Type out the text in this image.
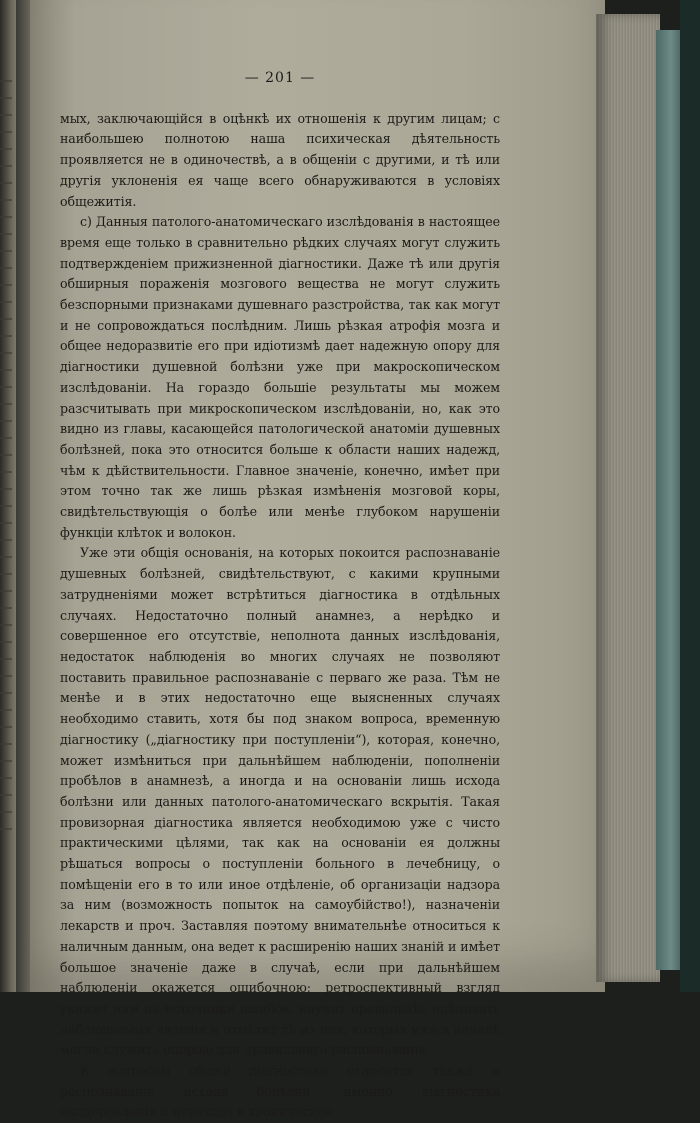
— 201 —

мых, заключающійся в оцѣнкѣ их отношенія к другим лицам; с наибольшею полнотою наша психическая дѣятельность проявляется не в одиночествѣ, а в общеніи с другими, и тѣ или другія уклоненія ея чаще всего обнаруживаются в условіях общежитія.

с) Данныя патолого-анатомическаго изслѣдованія в настоящее время еще только в сравнительно рѣдких случаях могут служить подтвержденіем прижизненной діагностики. Даже тѣ или другія обширныя пораженія мозгового вещества не могут служить безспорными признаками душевнаго разстройства, так как могут и не сопровождаться послѣдним. Лишь рѣзкая атрофія мозга и общее недоразвитіе его при идіотизмѣ дает надежную опору для діагностики душевной болѣзни уже при макроскопическом изслѣдованіи. На гораздо большіе результаты мы можем разсчитывать при микроскопическом изслѣдованіи, но, как это видно из главы, касающейся патологической анатоміи душевных болѣзней, пока это относится больше к области наших надежд, чѣм к дѣйствительности. Главное значеніе, конечно, имѣет при этом точно так же лишь рѣзкая измѣненія мозговой коры, свидѣтельствующія о болѣе или менѣе глубоком нарушеніи функціи клѣток и волокон.

Уже эти общія основанія, на которых покоится распознаваніе душевных болѣзней, свидѣтельствуют, с какими крупными затрудненіями может встрѣтиться діагностика в отдѣльных случаях. Недостаточно полный анамнез, а нерѣдко и совершенное его отсутствіе, неполнота данных изслѣдованія, недостаток наблюденія во многих случаях не позволяют поставить правильное распознаваніе с перваго же раза. Тѣм не менѣе и в этих недостаточно еще выясненных случаях необходимо ставить, хотя бы под знаком вопроса, временную діагностику („діагностику при поступленіи“), которая, конечно, может измѣниться при дальнѣйшем наблюденіи, пополненіи пробѣлов в анамнезѣ, а иногда и на основаніи лишь исхода болѣзни или данных патолого-анатомическаго вскрытія. Такая провизорная діагностика является необходимою уже с чисто практическими цѣлями, так как на основаніи ея должны рѣшаться вопросы о поступленіи больного в лечебницу, о помѣщеніи его в то или иное отдѣленіе, об организаціи надзора за ним (возможность попыток на самоубійство!), назначеніи лекарств и проч. Заставляя поэтому внимательнѣе относиться к наличным данным, она ведет к расширенію наших знаній и имѣет большое значеніе даже в случаѣ, если при дальнѣйшем наблюденіи окажется ошибочною; ретроспективный взгляд укажет нам на источники ошибок, научит правильнѣе оцѣнивать наблюдаемыя явленія и отмѣтит тѣ из них, которыя уже в началѣ могли служить опорою для правильнаго распознаванія.

К вопросам общей діагностики относится также и распознаваніе исхода болѣзни, именно діагностика выздоровленія и перехода в хроническое
